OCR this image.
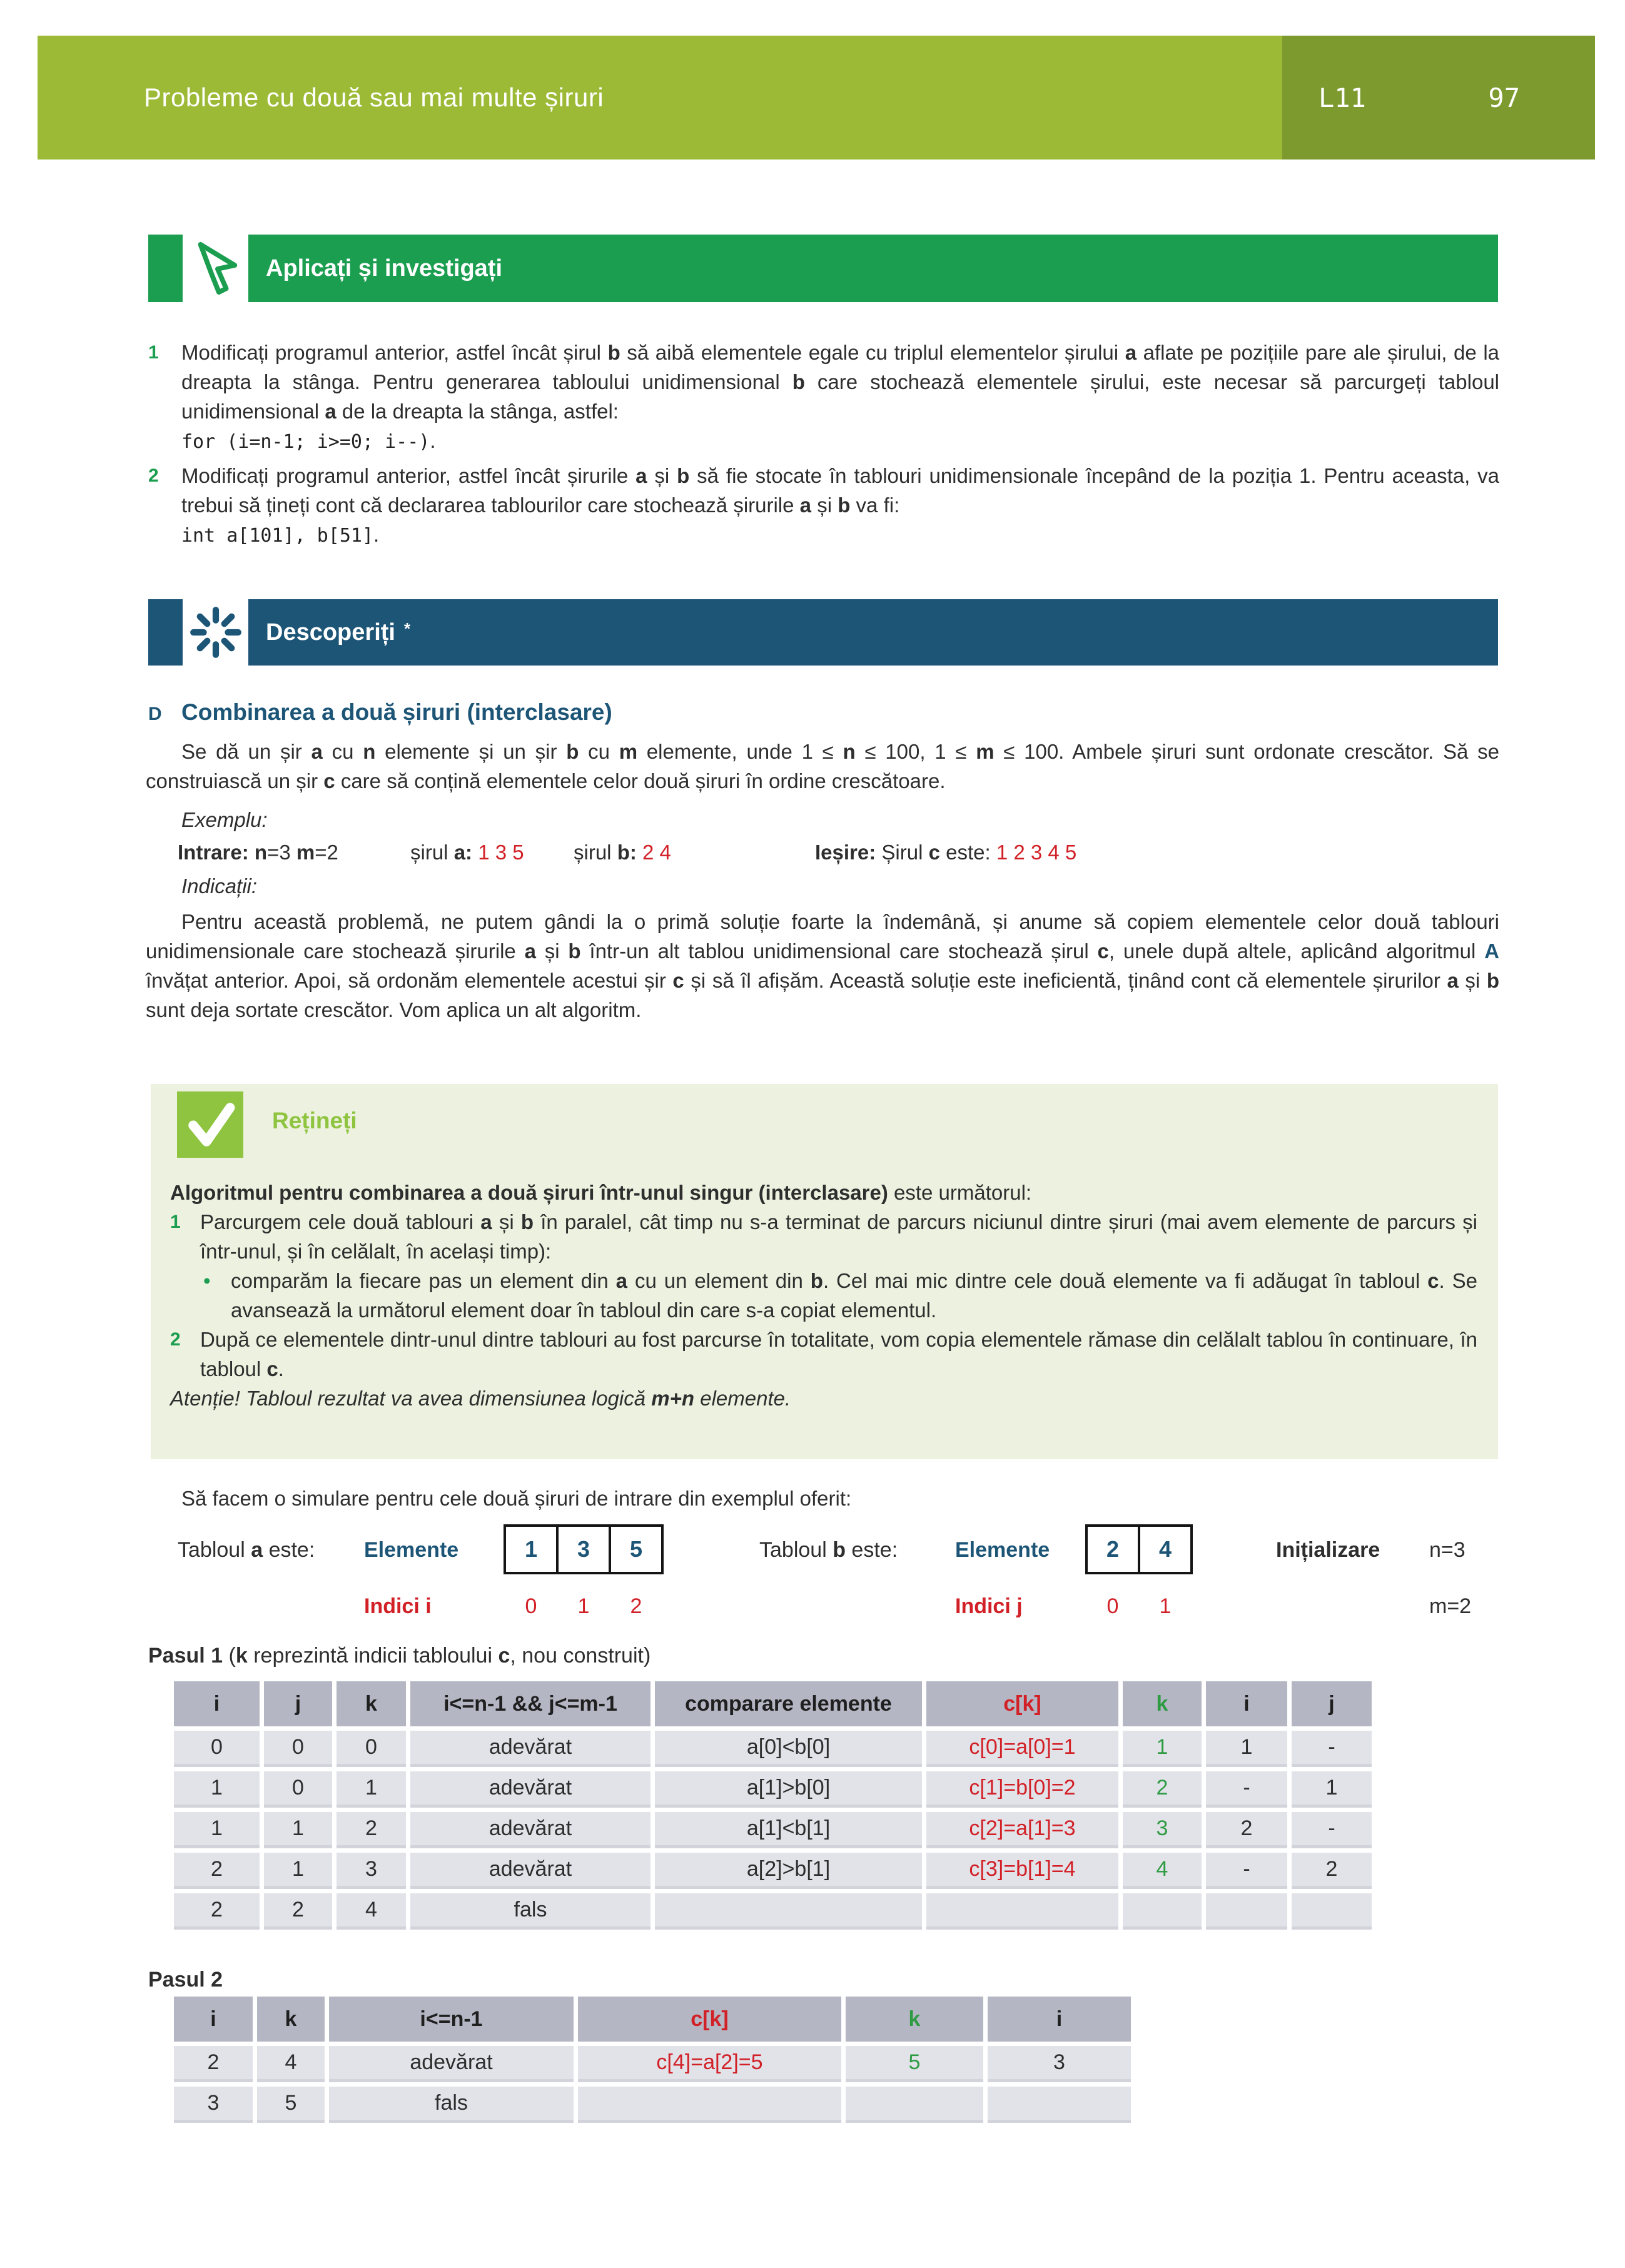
Probleme cu două sau mai multe șiruri	L11	97
Aplicați și investigați
1	Modificați programul anterior, astfel încât șirul b să aibă elementele egale cu triplul elementelor șirului a aflate pe pozițiile pare ale șirului, de la dreapta la stânga. Pentru generarea tabloului unidimensional b care stochează elementele șirului, este necesar să parcurgeți tabloul unidimensional a de la dreapta la stânga, astfel:
for (i=n-1; i>=0; i--).
2	Modificați programul anterior, astfel încât șirurile a și b să fie stocate în tablouri unidimensionale începând de la poziția 1. Pentru aceasta, va trebui să țineți cont că declararea tablourilor care stochează șirurile a și b va fi:
int a[101], b[51].
Descoperiți *
D Combinarea a două șiruri (interclasare)

Se dă un șir a cu n elemente și un șir b cu m elemente, unde 1 ≤ n ≤ 100, 1 ≤ m ≤ 100. Ambele șiruri sunt ordonate crescător. Să se construiască un șir c care să conțină elementele celor două șiruri în ordine crescătoare.

Exemplu:
Intrare: n=3 m=2	șirul a: 1 3 5 șirul b: 2 4	Ieșire: Șirul c este: 1 2 3 4 5
Indicații:

Pentru această problemă, ne putem gândi la o primă soluție foarte la îndemână, și anume să copiem elementele celor două tablouri unidimensionale care stochează șirurile a și b într-un alt tablou unidimensional care stochează șirul c, unele după altele, aplicând algoritmul A învățat anterior. Apoi, să ordonăm elementele acestui șir c și să îl afișăm. Această soluție este ineficientă, ținând cont că elementele șirurilor a și b sunt deja sortate crescător. Vom aplica un alt algoritm.

Rețineți
Algoritmul pentru combinarea a două șiruri într-unul singur (interclasare) este următorul:
1 Parcurgem cele două tablouri a și b în paralel, cât timp nu s-a terminat de parcurs niciunul dintre șiruri (mai avem elemente de parcurs și într-unul, și în celălalt, în același timp):
• comparăm la fiecare pas un element din a cu un element din b. Cel mai mic dintre cele două elemente va fi adăugat în tabloul c. Se avansează la următorul element doar în tabloul din care s-a copiat elementul.
2 După ce elementele dintr-unul dintre tablouri au fost parcurse în totalitate, vom copia elementele rămase din celălalt tablou în continuare, în tabloul c.
Atenție! Tabloul rezultat va avea dimensiunea logică m+n elemente.

Să facem o simulare pentru cele două șiruri de intrare din exemplul oferit:

Tabloul a este: Elemente	1	3	5	Tabloul b este:	Elemente	2	4	Inițializare n=3
Indici i	0	1	2	Indici j	0	1	m=2
Pasul 1 (k reprezintă indicii tabloului c, nou construit)
i	j	k	i<=n-1 && j<=m-1	comparare elemente	c[k]	k	i	j
0	0	0	adevărat	a[0]<b[0]	c[0]=a[0]=1	1	1	-
1	0	1	adevărat	a[1]>b[0]	c[1]=b[0]=2	2	-	1
1	1	2	adevărat	a[1]<b[1]	c[2]=a[1]=3	3	2	-
2	1	3	adevărat	a[2]>b[1]	c[3]=b[1]=4	4	-	2
2	2	4	fals					
Pasul 2
i	k	i<=n-1	c[k]	k	i
2	4	adevărat	c[4]=a[2]=5	5	3
3	5	fals			
